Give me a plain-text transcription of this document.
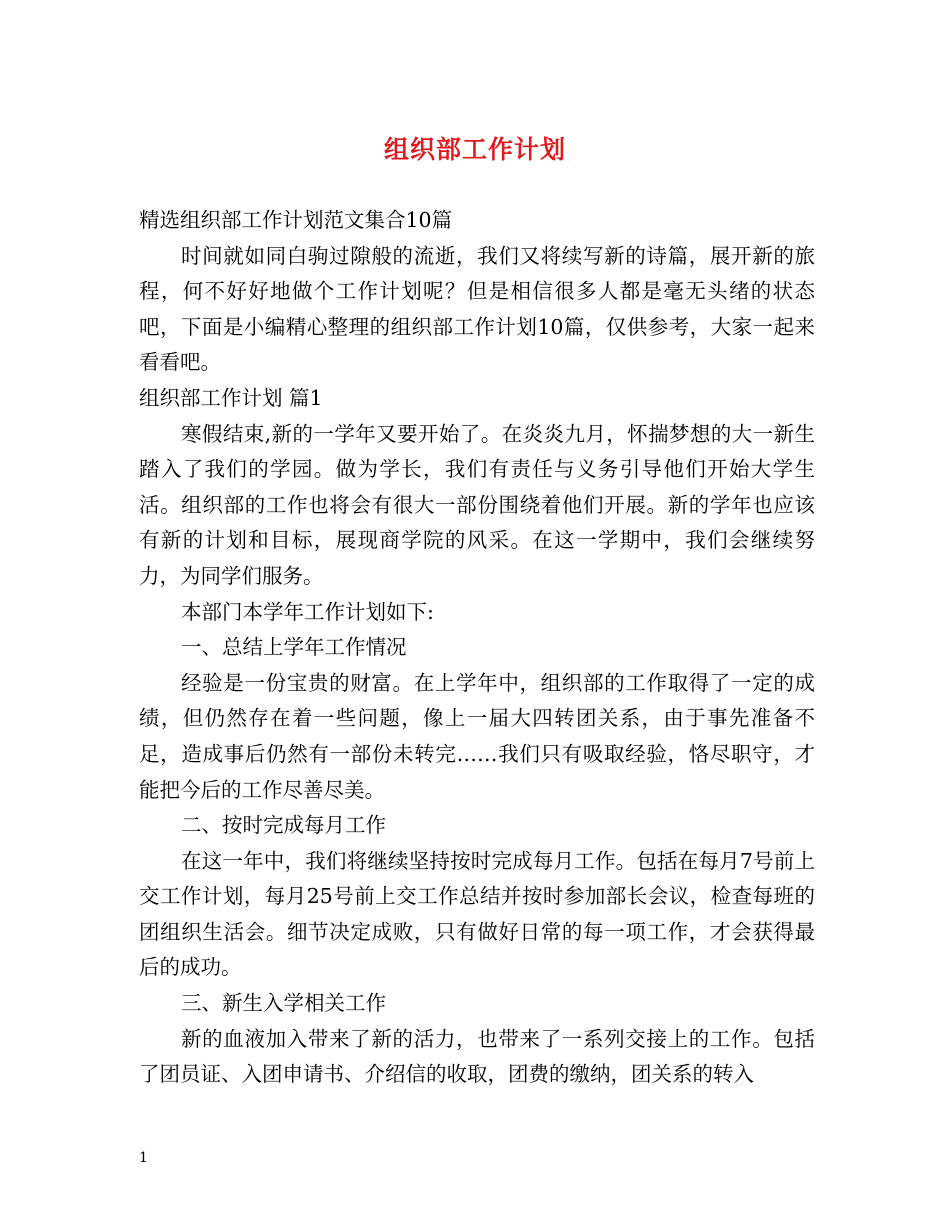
组织部工作计划

精选组织部工作计划范文集合10篇

时间就如同白驹过隙般的流逝，我们又将续写新的诗篇，展开新的旅程，何不好好地做个工作计划呢？但是相信很多人都是毫无头绪的状态吧，下面是小编精心整理的组织部工作计划10篇，仅供参考，大家一起来看看吧。

组织部工作计划 篇1

寒假结束,新的一学年又要开始了。在炎炎九月，怀揣梦想的大一新生踏入了我们的学园。做为学长，我们有责任与义务引导他们开始大学生活。组织部的工作也将会有很大一部份围绕着他们开展。新的学年也应该有新的计划和目标，展现商学院的风采。在这一学期中，我们会继续努力，为同学们服务。

本部门本学年工作计划如下:

一、总结上学年工作情况

经验是一份宝贵的财富。在上学年中，组织部的工作取得了一定的成绩，但仍然存在着一些问题，像上一届大四转团关系，由于事先准备不足，造成事后仍然有一部份未转完……我们只有吸取经验，恪尽职守，才能把今后的工作尽善尽美。

二、按时完成每月工作

在这一年中，我们将继续坚持按时完成每月工作。包括在每月7号前上交工作计划，每月25号前上交工作总结并按时参加部长会议，检查每班的团组织生活会。细节决定成败，只有做好日常的每一项工作，才会获得最后的成功。

三、新生入学相关工作

新的血液加入带来了新的活力，也带来了一系列交接上的工作。包括了团员证、入团申请书、介绍信的收取，团费的缴纳，团关系的转入

1
